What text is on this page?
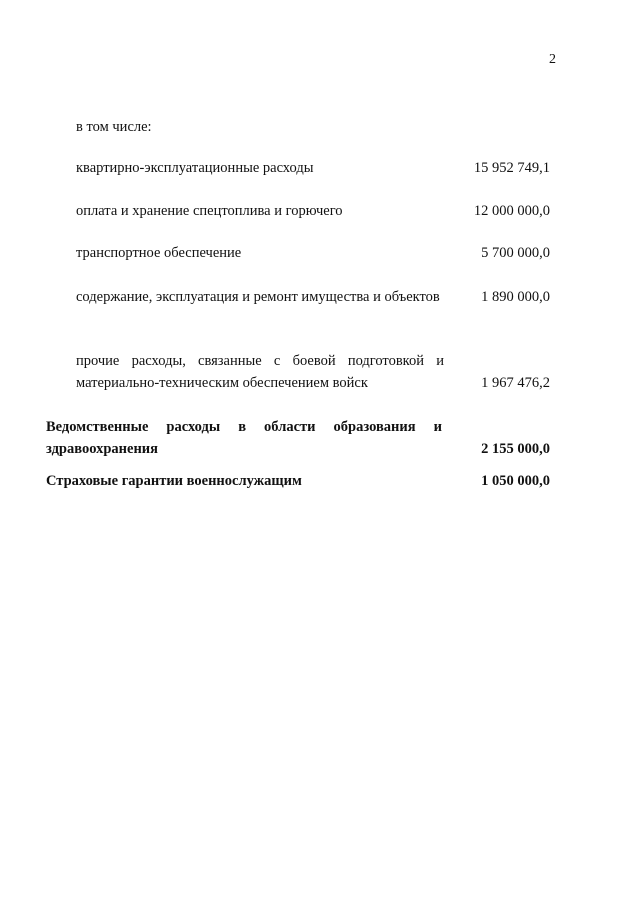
2
в том числе:
квартирно-эксплуатационные расходы	15 952 749,1
оплата и хранение спецтоплива и горючего	12 000 000,0
транспортное обеспечение	5 700 000,0
содержание, эксплуатация и ремонт имущества и объектов	1 890 000,0
прочие расходы, связанные с боевой подготовкой и материально-техническим обеспечением войск	1 967 476,2
Ведомственные расходы в области образования и здравоохранения	2 155 000,0
Страховые гарантии военнослужащим	1 050 000,0
